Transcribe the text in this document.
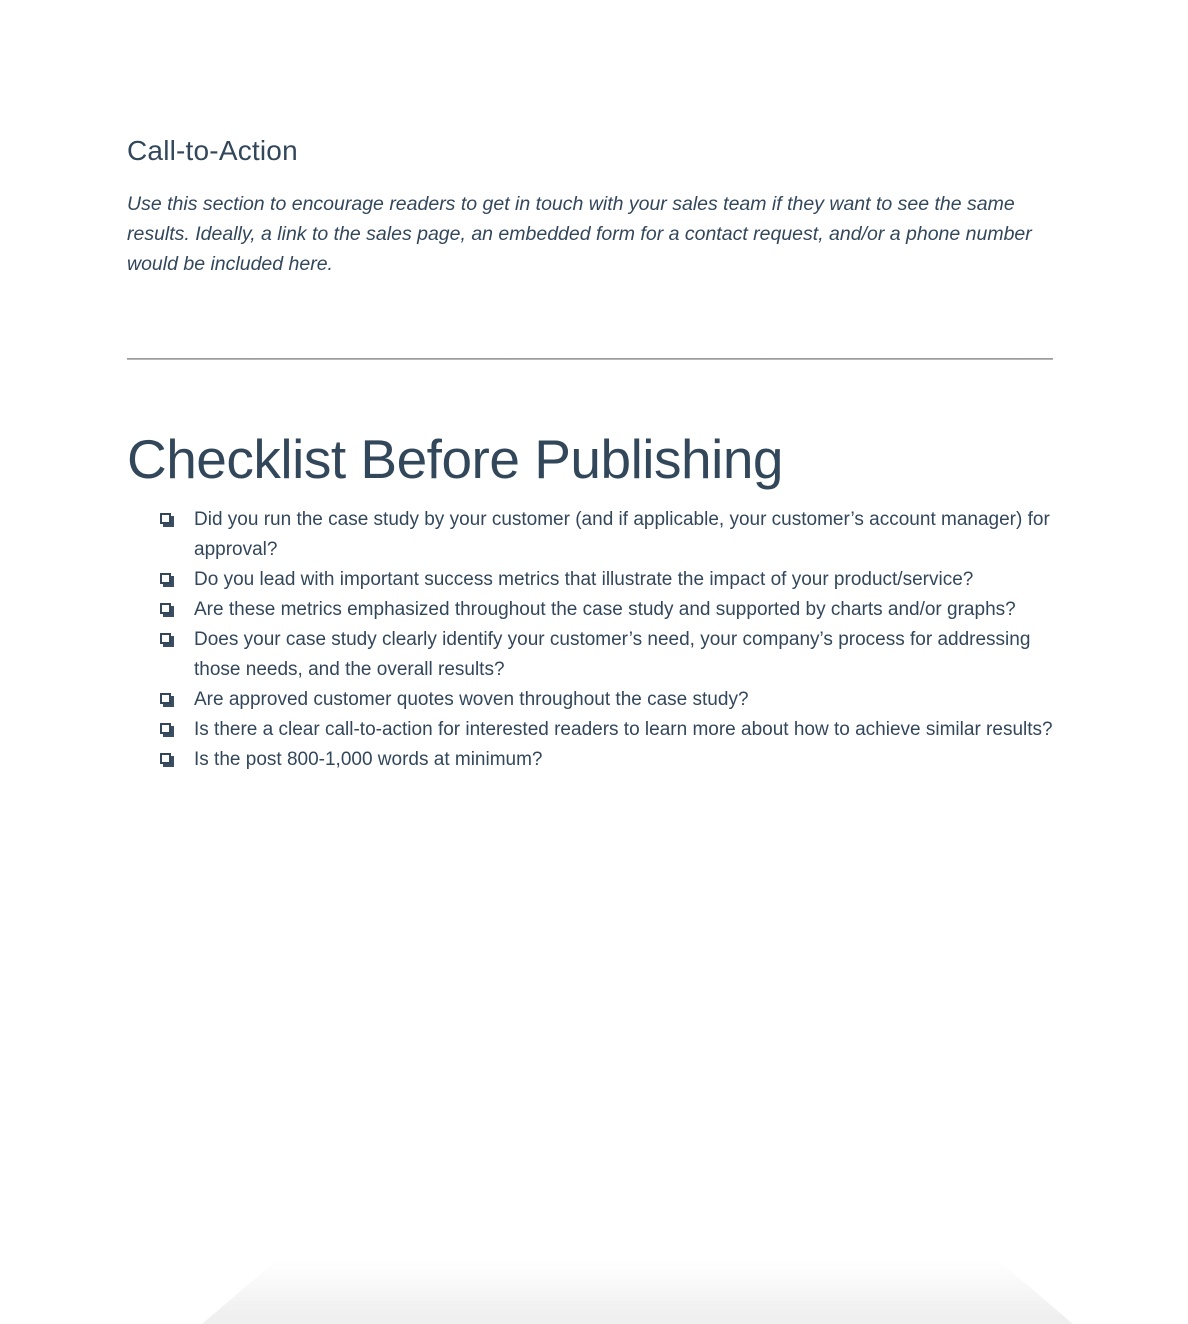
Call-to-Action

Use this section to encourage readers to get in touch with your sales team if they want to see the same results. Ideally, a link to the sales page, an embedded form for a contact request, and/or a phone number would be included here.

Checklist Before Publishing
Did you run the case study by your customer (and if applicable, your customer’s account manager) for approval?
Do you lead with important success metrics that illustrate the impact of your product/service?
Are these metrics emphasized throughout the case study and supported by charts and/or graphs?
Does your case study clearly identify your customer’s need, your company’s process for addressing those needs, and the overall results?
Are approved customer quotes woven throughout the case study?
Is there a clear call-to-action for interested readers to learn more about how to achieve similar results?
Is the post 800-1,000 words at minimum?
